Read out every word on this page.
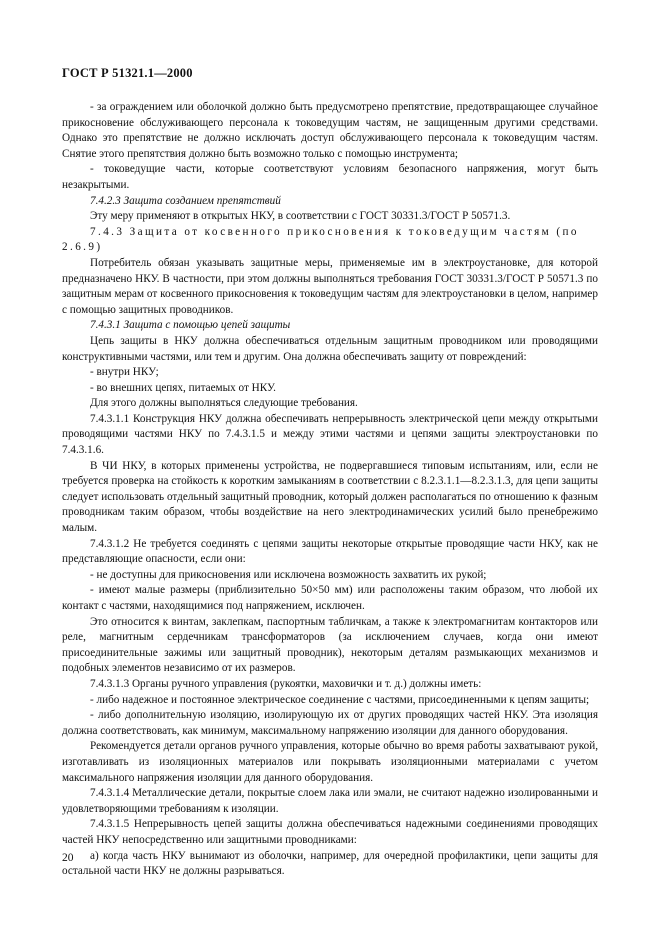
ГОСТ Р 51321.1—2000

- за ограждением или оболочкой должно быть предусмотрено препятствие, предотвращающее случайное прикосновение обслуживающего персонала к токоведущим частям, не защищенным другими средствами. Однако это препятствие не должно исключать доступ обслуживающего персонала к токоведущим частям. Снятие этого препятствия должно быть возможно только с помощью инструмента;

- токоведущие части, которые соответствуют условиям безопасного напряжения, могут быть незакрытыми.

7.4.2.3 Защита созданием препятствий

Эту меру применяют в открытых НКУ, в соответствии с ГОСТ 30331.3/ГОСТ Р 50571.3.

7.4.3 Защита от косвенного прикосновения к токоведущим частям (по 2.6.9)

Потребитель обязан указывать защитные меры, применяемые им в электроустановке, для которой предназначено НКУ. В частности, при этом должны выполняться требования ГОСТ 30331.3/ГОСТ Р 50571.3 по защитным мерам от косвенного прикосновения к токоведущим частям для электроустановки в целом, например с помощью защитных проводников.

7.4.3.1 Защита с помощью цепей защиты

Цепь защиты в НКУ должна обеспечиваться отдельным защитным проводником или проводящими конструктивными частями, или тем и другим. Она должна обеспечивать защиту от повреждений:

- внутри НКУ;

- во внешних цепях, питаемых от НКУ.

Для этого должны выполняться следующие требования.

7.4.3.1.1 Конструкция НКУ должна обеспечивать непрерывность электрической цепи между открытыми проводящими частями НКУ по 7.4.3.1.5 и между этими частями и цепями защиты электроустановки по 7.4.3.1.6.

В ЧИ НКУ, в которых применены устройства, не подвергавшиеся типовым испытаниям, или, если не требуется проверка на стойкость к коротким замыканиям в соответствии с 8.2.3.1.1—8.2.3.1.3, для цепи защиты следует использовать отдельный защитный проводник, который должен располагаться по отношению к фазным проводникам таким образом, чтобы воздействие на него электродинамических усилий было пренебрежимо малым.

7.4.3.1.2 Не требуется соединять с цепями защиты некоторые открытые проводящие части НКУ, как не представляющие опасности, если они:

- не доступны для прикосновения или исключена возможность захватить их рукой;

- имеют малые размеры (приблизительно 50×50 мм) или расположены таким образом, что любой их контакт с частями, находящимися под напряжением, исключен.

Это относится к винтам, заклепкам, паспортным табличкам, а также к электромагнитам контакторов или реле, магнитным сердечникам трансформаторов (за исключением случаев, когда они имеют присоединительные зажимы или защитный проводник), некоторым деталям размыкающих механизмов и подобных элементов независимо от их размеров.

7.4.3.1.3 Органы ручного управления (рукоятки, маховички и т. д.) должны иметь:

- либо надежное и постоянное электрическое соединение с частями, присоединенными к цепям защиты;

- либо дополнительную изоляцию, изолирующую их от других проводящих частей НКУ. Эта изоляция должна соответствовать, как минимум, максимальному напряжению изоляции для данного оборудования.

Рекомендуется детали органов ручного управления, которые обычно во время работы захватывают рукой, изготавливать из изоляционных материалов или покрывать изоляционными материалами с учетом максимального напряжения изоляции для данного оборудования.

7.4.3.1.4 Металлические детали, покрытые слоем лака или эмали, не считают надежно изолированными и удовлетворяющими требованиям к изоляции.

7.4.3.1.5 Непрерывность цепей защиты должна обеспечиваться надежными соединениями проводящих частей НКУ непосредственно или защитными проводниками:

а) когда часть НКУ вынимают из оболочки, например, для очередной профилактики, цепи защиты для остальной части НКУ не должны разрываться.

20
